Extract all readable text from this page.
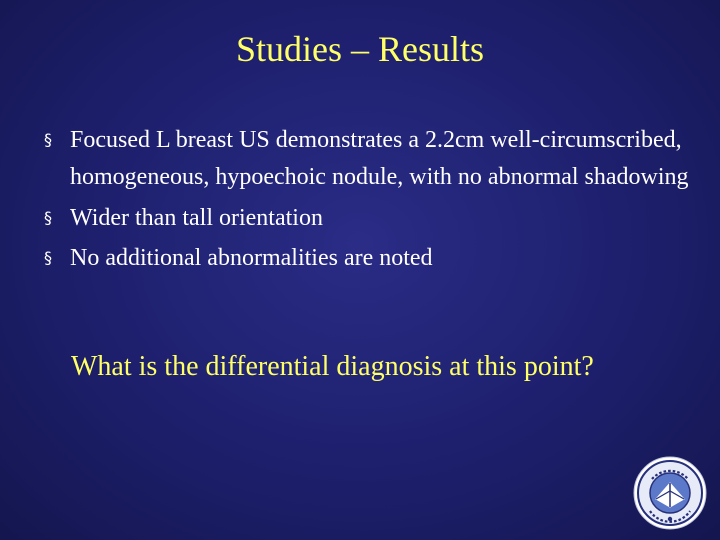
Studies – Results
§ Focused L breast US demonstrates a 2.2cm well-circumscribed, homogeneous, hypoechoic nodule, with no abnormal shadowing
§ Wider than tall orientation
§ No additional abnormalities are noted
What is the differential diagnosis at this point?
